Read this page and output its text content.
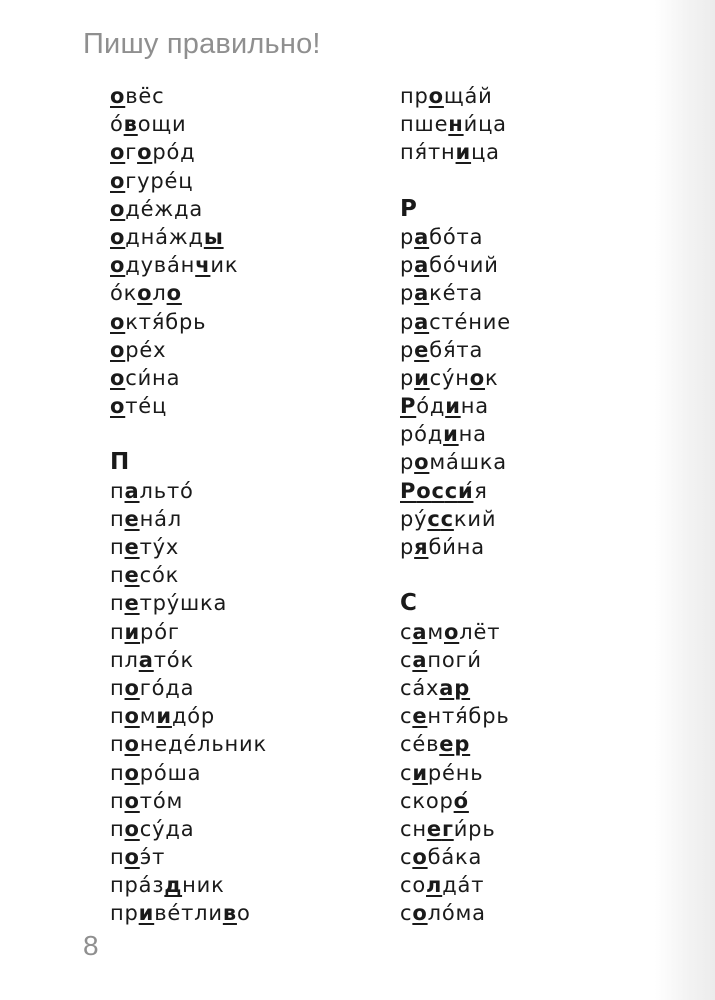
Пишу правильно!
овёс
овощи
огород
огурец
одежда
однажды
одуванчик
около
октябрь
орех
осина
отец
П
пальто
пенал
петух
песок
петрушка
пирог
платок
погода
помидор
понедельник
пороша
потом
посуда
поэт
праздник
приветливо
прощай
пшеница
пятница
Р
работа
рабочий
ракета
растение
ребята
рисунок
Родина
родина
ромашка
Росси́я
русский
рябина
С
самолёт
сапоги
сахар
сентябрь
север
сирень
скоро́
снегирь
собака
солдат
солома
8
